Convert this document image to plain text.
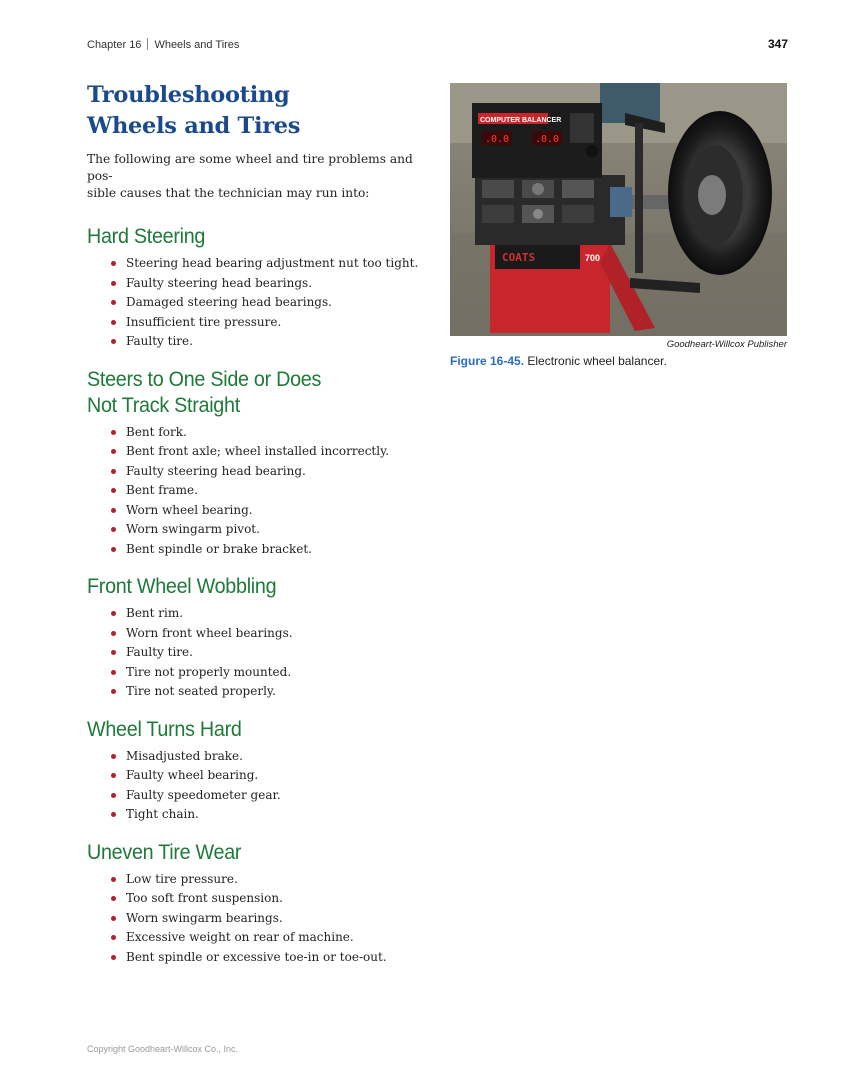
Chapter 16 Wheels and Tires	347
Troubleshooting
Wheels and Tires

The following are some wheel and tire problems and pos-
sible causes that the technician may run into:

Hard Steering
Steering head bearing adjustment nut too tight.
Faulty steering head bearings.
Damaged steering head bearings.
Insufficient tire pressure.
Faulty tire.
Steers to One Side or Does
Not Track Straight
Bent fork.
Bent front axle; wheel installed incorrectly.
Faulty steering head bearing.
Bent frame.
Worn wheel bearing.
Worn swingarm pivot.
Bent spindle or brake bracket.
Front Wheel Wobbling
Bent rim.
Worn front wheel bearings.
Faulty tire.
Tire not properly mounted.
Tire not seated properly.
Wheel Turns Hard
Misadjusted brake.
Faulty wheel bearing.
Faulty speedometer gear.
Tight chain.
Uneven Tire Wear
Low tire pressure.
Too soft front suspension.
Worn swingarm bearings.
Excessive weight on rear of machine.
Bent spindle or excessive toe-in or toe-out.
COATS	700
COMPUTER BALANCER
.0.0	.0.0
Goodheart-Willcox Publisher
Figure 16-45. Electronic wheel balancer.
Copyright Goodheart-Willcox Co., Inc.
